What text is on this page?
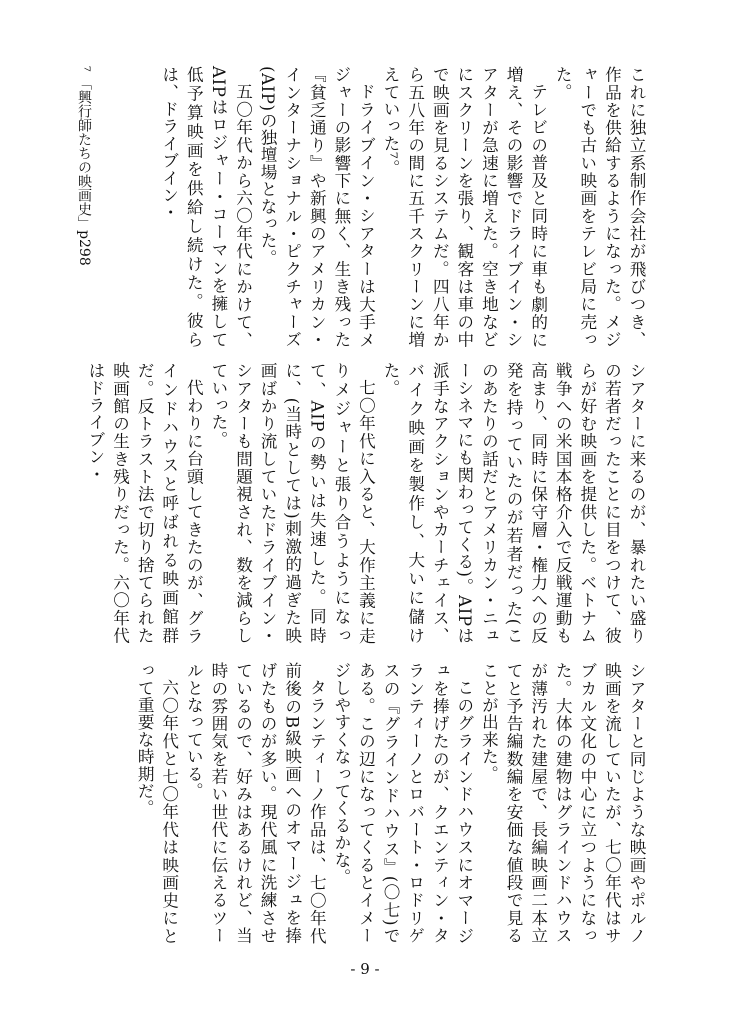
これに独立系制作会社が飛びつき、作品を供給するようになった。メジャーでも古い映画をテレビ局に売った。

テレビの普及と同時に車も劇的に増え、その影響でドライブイン・シアターが急速に増えた。空き地などにスクリーンを張り、観客は車の中で映画を見るシステムだ。四八年から五八年の間に五千スクリーンに増えていった⁷。

ドライブイン・シアターは大手メジャーの影響下に無く、生き残った『貧乏通り』や新興のアメリカン・インターナショナル・ピクチャーズ(AIP)の独壇場となった。

五〇年代から六〇年代にかけて、AIPはロジャー・コーマンを擁して低予算映画を供給し続けた。彼らは、ドライブイン・

シアターに来るのが、暴れたい盛りの若者だったことに目をつけて、彼らが好む映画を提供した。ベトナム戦争への米国本格介入で反戦運動も高まり、同時に保守層・権力への反発を持っていたのが若者だった(このあたりの話だとアメリカン・ニューシネマにも関わってくる)。AIPは派手なアクションやカーチェイス、バイク映画を製作し、大いに儲けた。

七〇年代に入ると、大作主義に走りメジャーと張り合うようになって、AIPの勢いは失速した。同時に、(当時としては)刺激的過ぎた映画ばかり流していたドライブイン・シアターも問題視され、数を減らしていった。

代わりに台頭してきたのが、グラインドハウスと呼ばれる映画館群だ。反トラスト法で切り捨てられた映画館の生き残りだった。六〇年代はドライブン・

シアターと同じような映画やポルノ映画を流していたが、七〇年代はサブカル文化の中心に立つようになった。大体の建物はグラインドハウスが薄汚れた建屋で、長編映画二本立てと予告編数編を安価な値段で見ることが出来た。

このグラインドハウスにオマージュを捧げたのが、クエンティン・タランティーノとロバート・ロドリゲスの『グラインドハウス』(〇七)である。この辺になってくるとイメージしやすくなってくるかな。

タランティーノ作品は、七〇年代前後のB級映画へのオマージュを捧げたものが多い。現代風に洗練させているので、好みはあるけれど、当時の雰囲気を若い世代に伝えるツールとなっている。

六〇年代と七〇年代は映画史にとって重要な時期だ。

⁷ 「興行師たちの映画史」p298
- 9 -
